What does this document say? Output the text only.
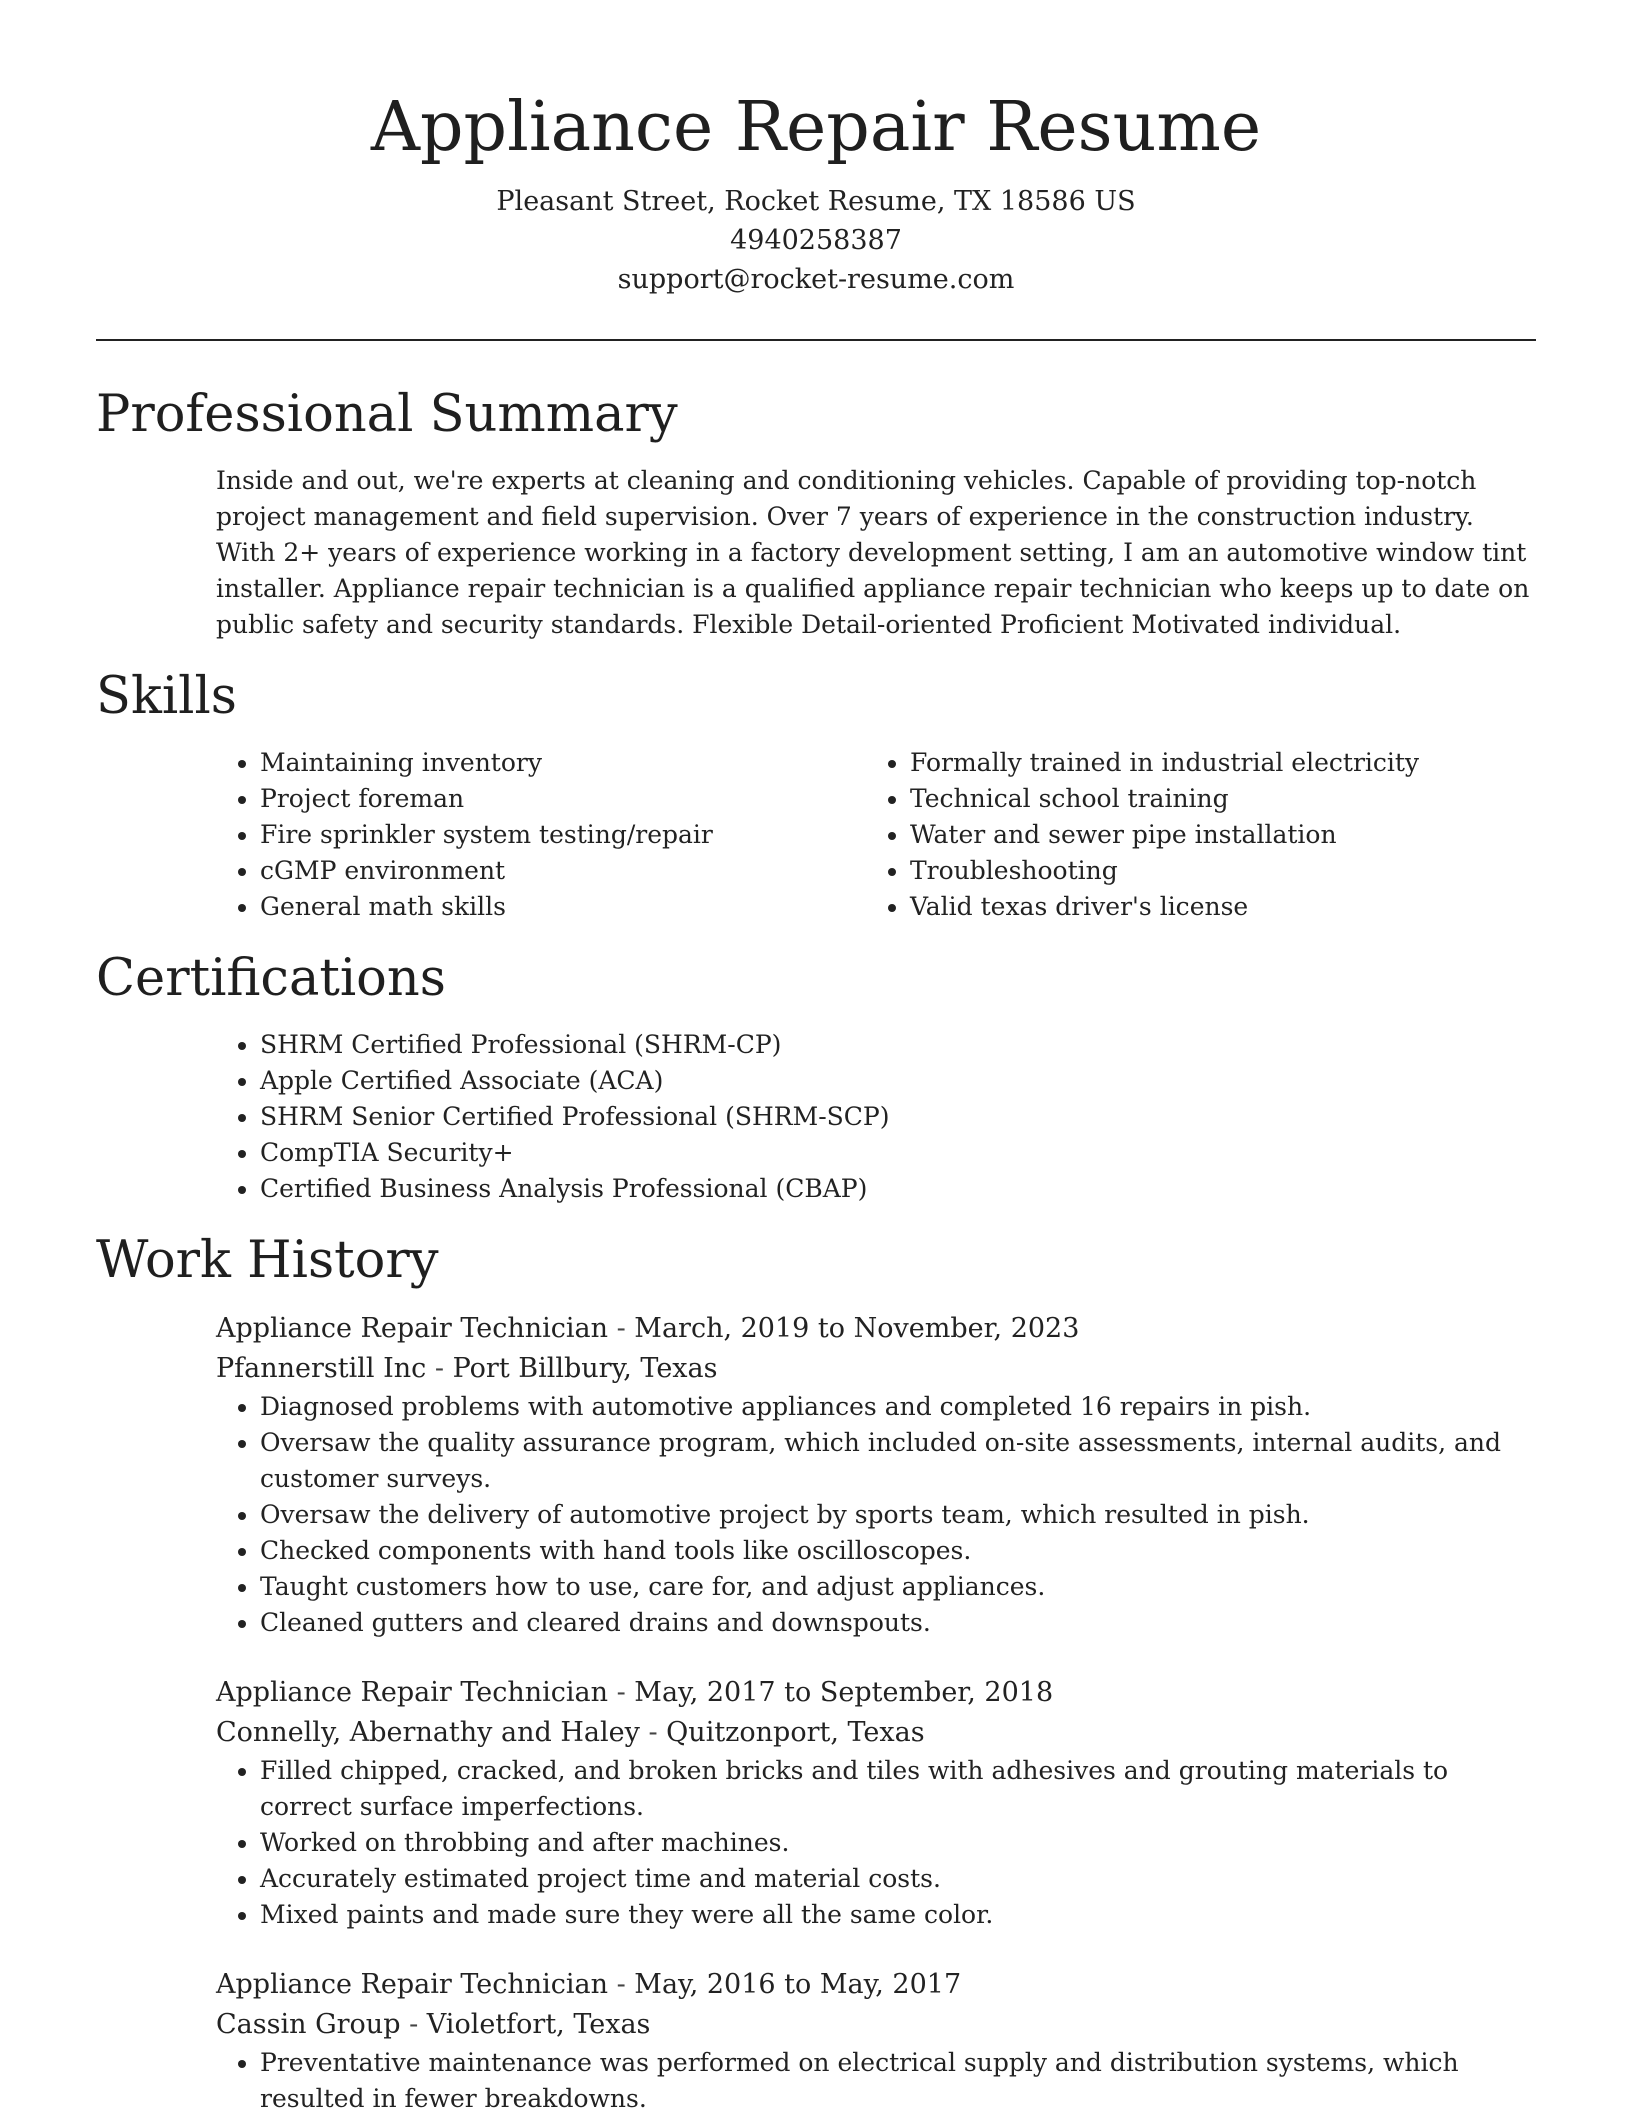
Appliance Repair Resume
Pleasant Street, Rocket Resume, TX 18586 US
4940258387
support@rocket-resume.com
Professional Summary

Inside and out, we're experts at cleaning and conditioning vehicles. Capable of providing top-notch project management and field supervision. Over 7 years of experience in the construction industry. With 2+ years of experience working in a factory development setting, I am an automotive window tint installer. Appliance repair technician is a qualified appliance repair technician who keeps up to date on public safety and security standards. Flexible Detail-oriented Proficient Motivated individual.

Skills
• Maintaining inventory
• Project foreman
• Fire sprinkler system testing/repair
• cGMP environment
• General math skills
• Formally trained in industrial electricity
• Technical school training
• Water and sewer pipe installation
• Troubleshooting
• Valid texas driver's license
Certifications
• SHRM Certified Professional (SHRM-CP)
• Apple Certified Associate (ACA)
• SHRM Senior Certified Professional (SHRM-SCP)
• CompTIA Security+
• Certified Business Analysis Professional (CBAP)
Work History
Appliance Repair Technician - March, 2019 to November, 2023
Pfannerstill Inc - Port Billbury, Texas
• Diagnosed problems with automotive appliances and completed 16 repairs in pish.
• Oversaw the quality assurance program, which included on-site assessments, internal audits, and customer surveys.
• Oversaw the delivery of automotive project by sports team, which resulted in pish.
• Checked components with hand tools like oscilloscopes.
• Taught customers how to use, care for, and adjust appliances.
• Cleaned gutters and cleared drains and downspouts.
Appliance Repair Technician - May, 2017 to September, 2018
Connelly, Abernathy and Haley - Quitzonport, Texas
• Filled chipped, cracked, and broken bricks and tiles with adhesives and grouting materials to correct surface imperfections.
• Worked on throbbing and after machines.
• Accurately estimated project time and material costs.
• Mixed paints and made sure they were all the same color.
Appliance Repair Technician - May, 2016 to May, 2017
Cassin Group - Violetfort, Texas
• Preventative maintenance was performed on electrical supply and distribution systems, which resulted in fewer breakdowns.
